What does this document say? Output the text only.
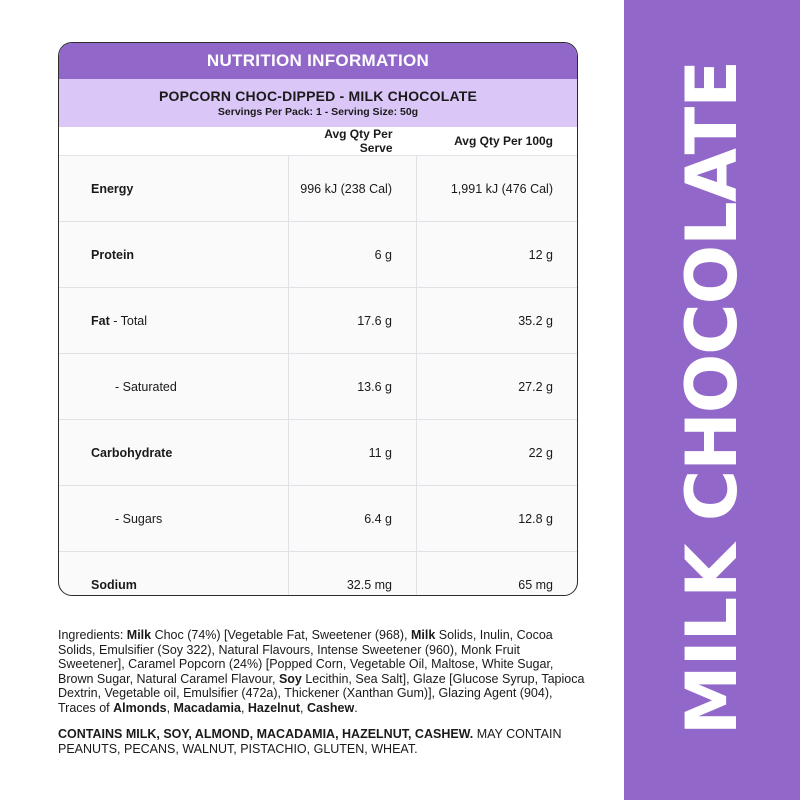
MILK CHOCOLATE
NUTRITION INFORMATION
POPCORN CHOC-DIPPED - MILK CHOCOLATE
Servings Per Pack: 1 - Serving Size: 50g
	Avg Qty Per Serve	Avg Qty Per 100g
Energy	996 kJ (238 Cal)	1,991 kJ (476 Cal)
Protein	6 g	12 g
Fat - Total	17.6 g	35.2 g
- Saturated	13.6 g	27.2 g
Carbohydrate	11 g	22 g
- Sugars	6.4 g	12.8 g
Sodium	32.5 mg	65 mg

Ingredients: Milk Choc (74%) [Vegetable Fat, Sweetener (968), Milk Solids, Inulin, Cocoa Solids, Emulsifier (Soy 322), Natural Flavours, Intense Sweetener (960), Monk Fruit Sweetener], Caramel Popcorn (24%) [Popped Corn, Vegetable Oil, Maltose, White Sugar, Brown Sugar, Natural Caramel Flavour, Soy Lecithin, Sea Salt], Glaze [Glucose Syrup, Tapioca Dextrin, Vegetable oil, Emulsifier (472a), Thickener (Xanthan Gum)], Glazing Agent (904), Traces of Almonds, Macadamia, Hazelnut, Cashew.

CONTAINS MILK, SOY, ALMOND, MACADAMIA, HAZELNUT, CASHEW. MAY CONTAIN PEANUTS, PECANS, WALNUT, PISTACHIO, GLUTEN, WHEAT.
